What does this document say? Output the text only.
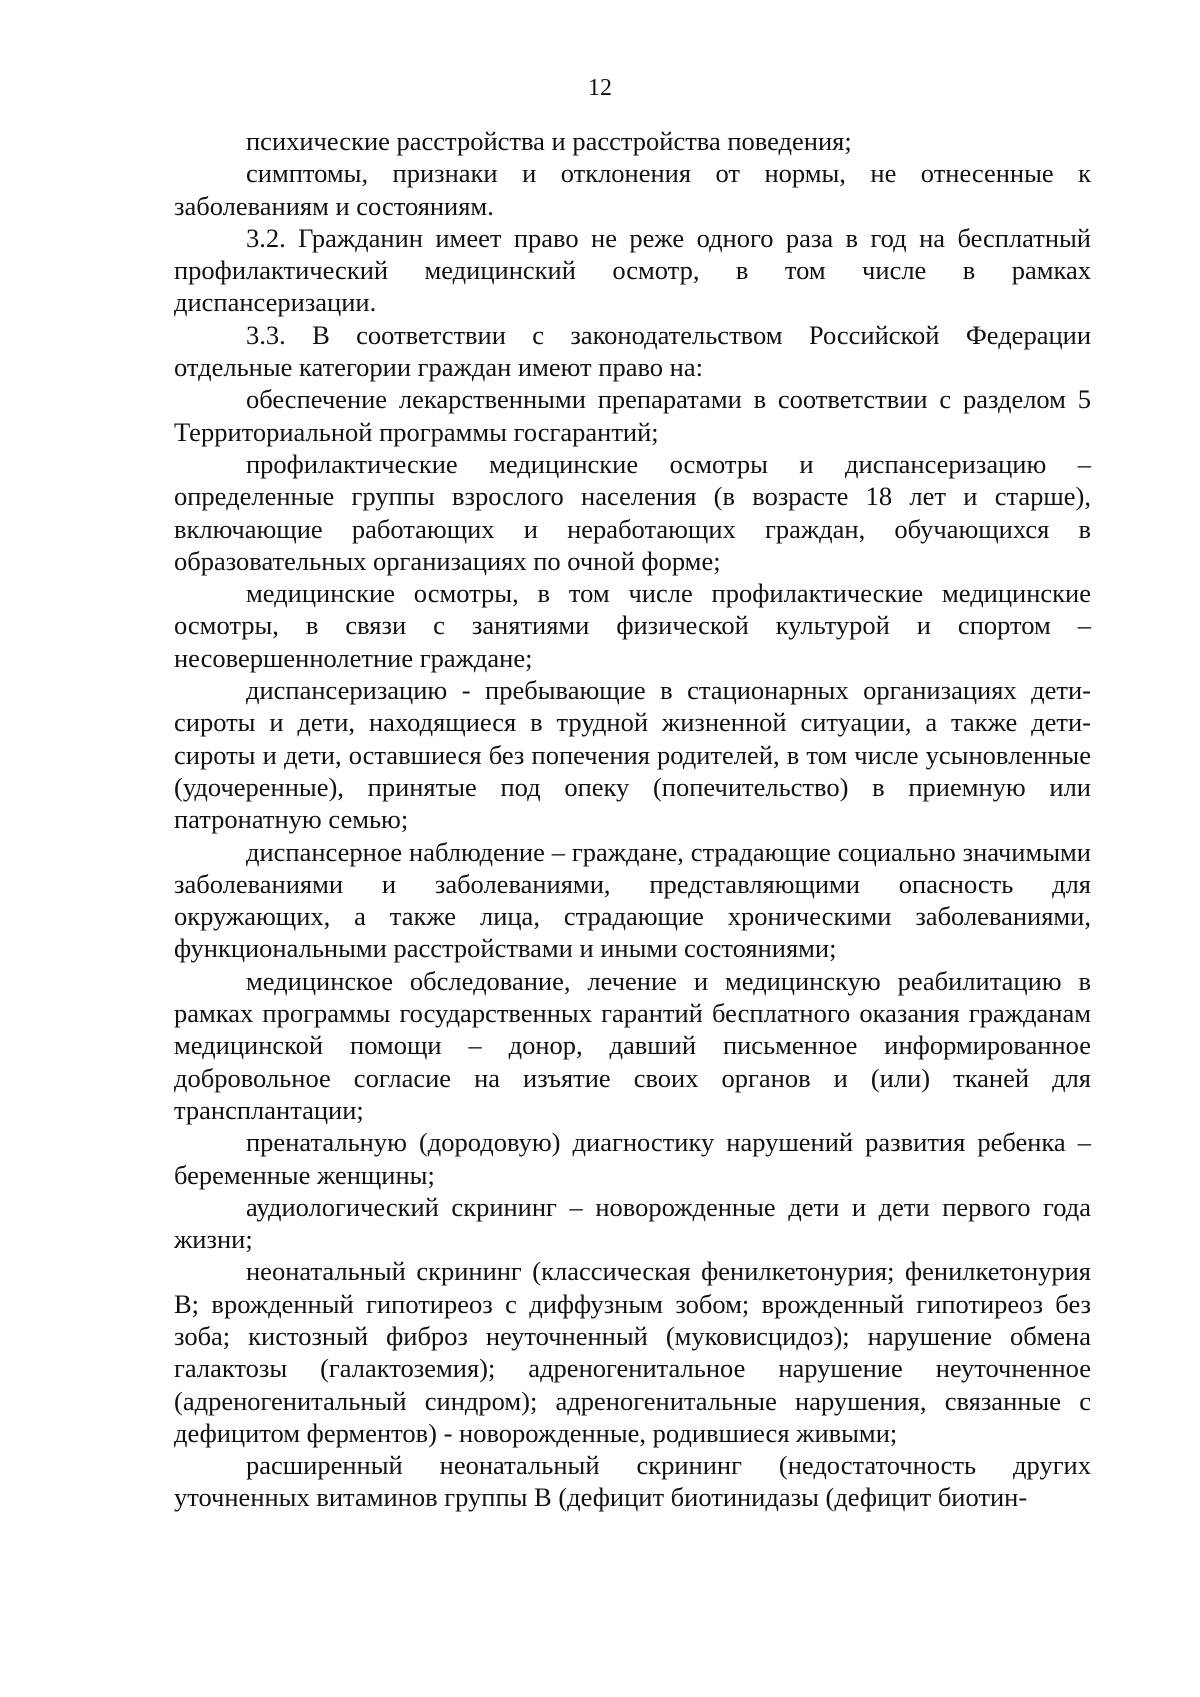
12

психические расстройства и расстройства поведения;

симптомы, признаки и отклонения от нормы, не отнесенные к заболеваниям и состояниям.

3.2. Гражданин имеет право не реже одного раза в год на бесплатный профилактический медицинский осмотр, в том числе в рамках диспансеризации.

3.3. В соответствии с законодательством Российской Федерации отдельные категории граждан имеют право на:

обеспечение лекарственными препаратами в соответствии с разделом 5 Территориальной программы госгарантий;

профилактические медицинские осмотры и диспансеризацию – определенные группы взрослого населения (в возрасте 18 лет и старше), включающие работающих и неработающих граждан, обучающихся в образовательных организациях по очной форме;

медицинские осмотры, в том числе профилактические медицинские осмотры, в связи с занятиями физической культурой и спортом – несовершеннолетние граждане;

диспансеризацию - пребывающие в стационарных организациях дети-сироты и дети, находящиеся в трудной жизненной ситуации, а также дети-сироты и дети, оставшиеся без попечения родителей, в том числе усыновленные (удочеренные), принятые под опеку (попечительство) в приемную или патронатную семью;

диспансерное наблюдение – граждане, страдающие социально значимыми заболеваниями и заболеваниями, представляющими опасность для окружающих, а также лица, страдающие хроническими заболеваниями, функциональными расстройствами и иными состояниями;

медицинское обследование, лечение и медицинскую реабилитацию в рамках программы государственных гарантий бесплатного оказания гражданам медицинской помощи – донор, давший письменное информированное добровольное согласие на изъятие своих органов и (или) тканей для трансплантации;

пренатальную (дородовую) диагностику нарушений развития ребенка – беременные женщины;

аудиологический скрининг – новорожденные дети и дети первого года жизни;

неонатальный скрининг (классическая фенилкетонурия; фенилкетонурия B; врожденный гипотиреоз с диффузным зобом; врожденный гипотиреоз без зоба; кистозный фиброз неуточненный (муковисцидоз); нарушение обмена галактозы (галактоземия); адреногенитальное нарушение неуточненное (адреногенитальный синдром); адреногенитальные нарушения, связанные с дефицитом ферментов) - новорожденные, родившиеся живыми;

расширенный неонатальный скрининг (недостаточность других уточненных витаминов группы В (дефицит биотинидазы (дефицит биотин-
